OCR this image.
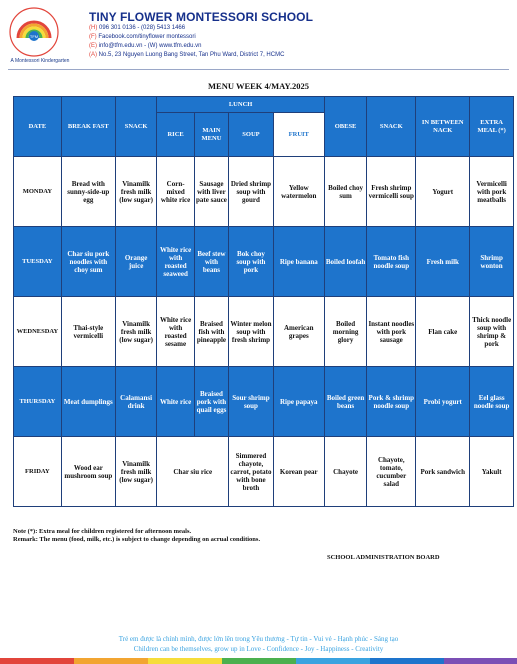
TFM
A Montessori Kindergarten
TINY FLOWER MONTESSORI SCHOOL
(H) 096 301 0136 - (028) 5413 1466
(F) Facebook.com/tinyflower montessori
(E) info@tfm.edu.vn - (W) www.tfm.edu.vn
(A) No.5, 23 Nguyen Luong Bang Street, Tan Phu Ward, District 7, HCMC
MENU WEEK 4/MAY.2025
DATE	BREAK FAST	SNACK	LUNCH				OBESE	SNACK	IN BETWEEN NACK	EXTRA MEAL (*)
			RICE	MAIN MENU	SOUP	FRUIT				
MONDAY	Bread with sunny-side-up egg	Vinamilk fresh milk (low sugar)	Corn-mixed white rice	Sausage with liver pate sauce	Dried shrimp soup with gourd	Yellow watermelon	Boiled choy sum	Fresh shrimp vermicelli soup	Yogurt	Vermicelli with pork meatballs
TUESDAY	Char siu pork noodles with choy sum	Orange juice	White rice with roasted seaweed	Beef stew with beans	Bok choy soup with pork	Ripe banana	Boiled loofah	Tomato fish noodle soup	Fresh milk	Shrimp wonton
WEDNESDAY	Thai-style vermicelli	Vinamilk fresh milk (low sugar)	White rice with roasted sesame	Braised fish with pineapple	Winter melon soup with fresh shrimp	American grapes	Boiled morning glory	Instant noodles with pork sausage	Flan cake	Thick noodle soup with shrimp & pork
THURSDAY	Meat dumplings	Calamansi drink	White rice	Braised pork with quail eggs	Sour shrimp soup	Ripe papaya	Boiled green beans	Pork & shrimp noodle soup	Probi yogurt	Eel glass noodle soup
FRIDAY	Wood ear mushroom soup	Vinamilk fresh milk (low sugar)	Char siu rice		Simmered chayote, carrot, potato with bone broth	Korean pear	Chayote	Chayote, tomato, cucumber salad	Pork sandwich	Yakult
Note (*): Extra meal for children registered for afternoon meals.
Remark: The menu (food, milk, etc.) is subject to change depending on acrual conditions.
SCHOOL ADMINISTRATION BOARD
Trẻ em được là chính mình, được lớn lên trong Yêu thương - Tự tin - Vui vẻ - Hạnh phúc - Sáng tạo
Children can be themselves, grow up in Love - Confidence - Joy - Happiness - Creativity
